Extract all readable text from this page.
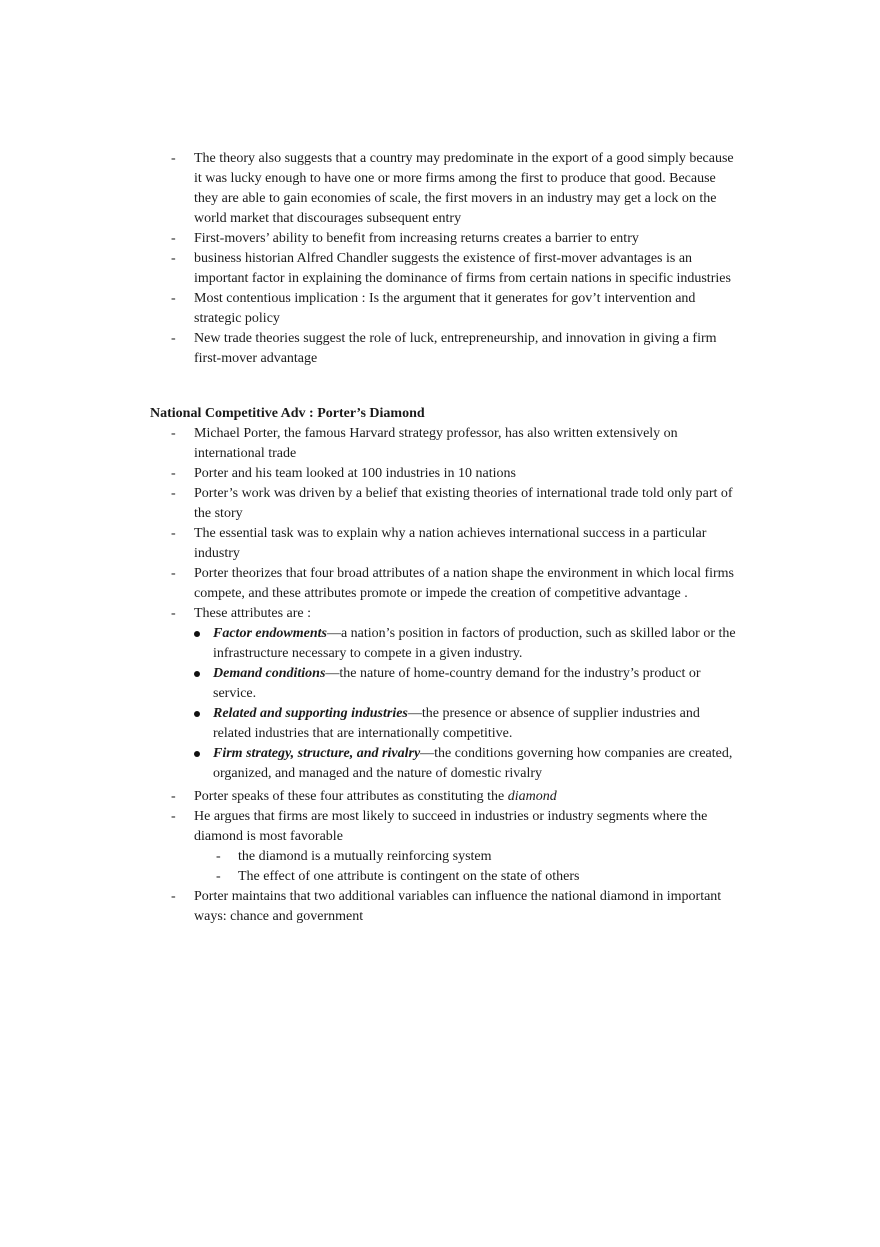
- The theory also suggests that a country may predominate in the export of a good simply because it was lucky enough to have one or more firms among the first to produce that good. Because they are able to gain economies of scale, the first movers in an industry may get a lock on the world market that discourages subsequent entry
- First-movers’ ability to benefit from increasing returns creates a barrier to entry
- business historian Alfred Chandler suggests the existence of first-mover advantages is an important factor in explaining the dominance of firms from certain nations in specific industries
- Most contentious implication : Is the argument that it generates for gov’t intervention and strategic policy
- New trade theories suggest the role of luck, entrepreneurship, and innovation in giving a firm first-mover advantage

National Competitive Adv : Porter’s Diamond

- Michael Porter, the famous Harvard strategy professor, has also written extensively on international trade
- Porter and his team looked at 100 industries in 10 nations
- Porter’s work was driven by a belief that existing theories of international trade told only part of the story
- The essential task was to explain why a nation achieves international success in a particular industry
- Porter theorizes that four broad attributes of a nation shape the environment in which local firms compete, and these attributes promote or impede the creation of competitive advantage .
- These attributes are :
Factor endowments—a nation’s position in factors of production, such as skilled labor or the infrastructure necessary to compete in a given industry.
Demand conditions—the nature of home-country demand for the industry’s product or service.
Related and supporting industries—the presence or absence of supplier industries and related industries that are internationally competitive.
Firm strategy, structure, and rivalry—the conditions governing how companies are created, organized, and managed and the nature of domestic rivalry
- Porter speaks of these four attributes as constituting the diamond
- He argues that firms are most likely to succeed in industries or industry segments where the diamond is most favorable
- the diamond is a mutually reinforcing system
- The effect of one attribute is contingent on the state of others
- Porter maintains that two additional variables can influence the national diamond in important ways: chance and government
